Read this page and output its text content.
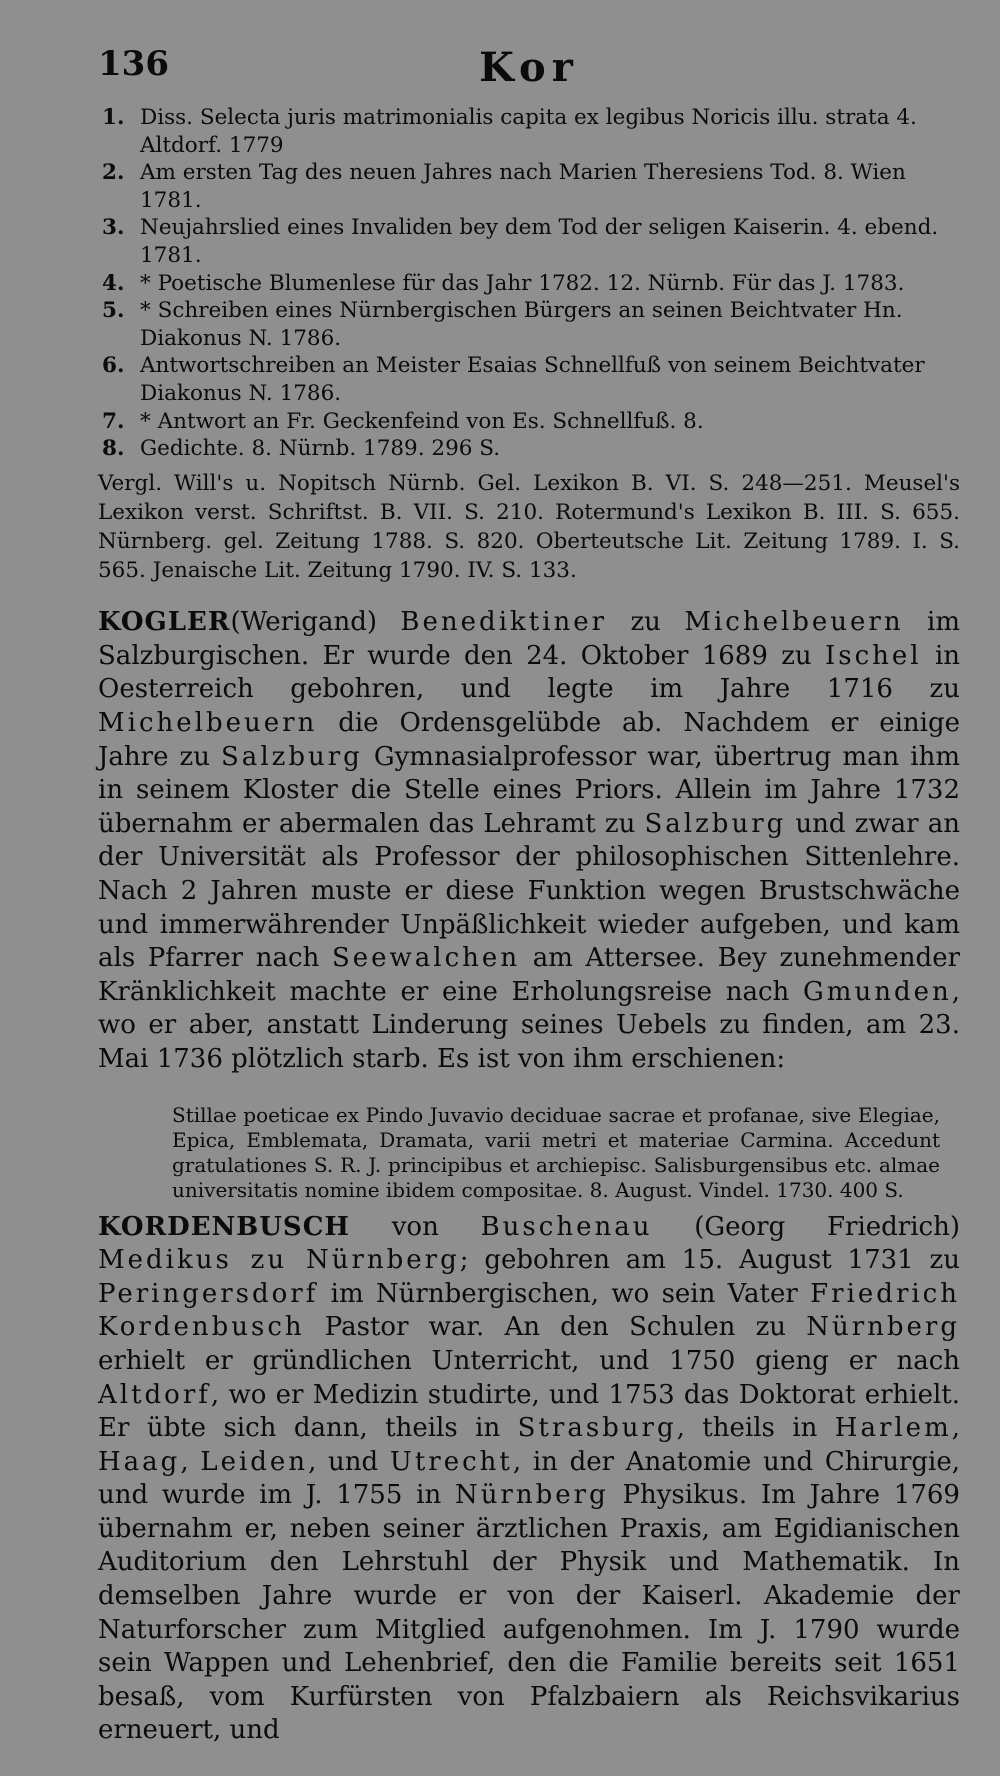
136	Kor
1. Diss. Selecta juris matrimonialis capita ex legibus Noricis illu. strata 4. Altdorf. 1779
2. Am ersten Tag des neuen Jahres nach Marien Theresiens Tod. 8. Wien 1781.
3. Neujahrslied eines Invaliden bey dem Tod der seligen Kaiserin. 4. ebend. 1781.
4. * Poetische Blumenlese für das Jahr 1782. 12. Nürnb. Für das J. 1783.
5. * Schreiben eines Nürnbergischen Bürgers an seinen Beichtvater Hn. Diakonus N. 1786.
6. Antwortschreiben an Meister Esaias Schnellfuß von seinem Beichtvater Diakonus N. 1786.
7. * Antwort an Fr. Geckenfeind von Es. Schnellfuß. 8.
8. Gedichte. 8. Nürnb. 1789. 296 S.

Vergl. Will's u. Nopitsch Nürnb. Gel. Lexikon B. VI. S. 248—251. Meusel's Lexikon verst. Schriftst. B. VII. S. 210. Rotermund's Lexikon B. III. S. 655. Nürnberg. gel. Zeitung 1788. S. 820. Oberteutsche Lit. Zeitung 1789. I. S. 565. Jenaische Lit. Zeitung 1790. IV. S. 133.

KOGLER(Werigand) Benediktiner zu Michelbeuern im Salzburgischen. Er wurde den 24. Oktober 1689 zu Ischel in Oesterreich gebohren, und legte im Jahre 1716 zu Michelbeuern die Ordensgelübde ab. Nachdem er einige Jahre zu Salzburg Gymnasialprofessor war, übertrug man ihm in seinem Kloster die Stelle eines Priors. Allein im Jahre 1732 übernahm er abermalen das Lehramt zu Salzburg und zwar an der Universität als Professor der philosophischen Sittenlehre. Nach 2 Jahren muste er diese Funktion wegen Brustschwäche und immerwährender Unpäßlichkeit wieder aufgeben, und kam als Pfarrer nach Seewalchen am Attersee. Bey zunehmender Kränklichkeit machte er eine Erholungsreise nach Gmunden, wo er aber, anstatt Linderung seines Uebels zu finden, am 23. Mai 1736 plötzlich starb. Es ist von ihm erschienen:

Stillae poeticae ex Pindo Juvavio deciduae sacrae et profanae, sive Elegiae, Epica, Emblemata, Dramata, varii metri et materiae Carmina. Accedunt gratulationes S. R. J. principibus et archiepisc. Salisburgensibus etc. almae universitatis nomine ibidem compositae. 8. August. Vindel. 1730. 400 S.

KORDENBUSCH von Buschenau (Georg Friedrich) Medikus zu Nürnberg; gebohren am 15. August 1731 zu Peringersdorf im Nürnbergischen, wo sein Vater Friedrich Kordenbusch Pastor war. An den Schulen zu Nürnberg erhielt er gründlichen Unterricht, und 1750 gieng er nach Altdorf, wo er Medizin studirte, und 1753 das Doktorat erhielt. Er übte sich dann, theils in Strasburg, theils in Harlem, Haag, Leiden, und Utrecht, in der Anatomie und Chirurgie, und wurde im J. 1755 in Nürnberg Physikus. Im Jahre 1769 übernahm er, neben seiner ärztlichen Praxis, am Egidianischen Auditorium den Lehrstuhl der Physik und Mathematik. In demselben Jahre wurde er von der Kaiserl. Akademie der Naturforscher zum Mitglied aufgenohmen. Im J. 1790 wurde sein Wappen und Lehenbrief, den die Familie bereits seit 1651 besaß, vom Kurfürsten von Pfalzbaiern als Reichsvikarius erneuert, und
